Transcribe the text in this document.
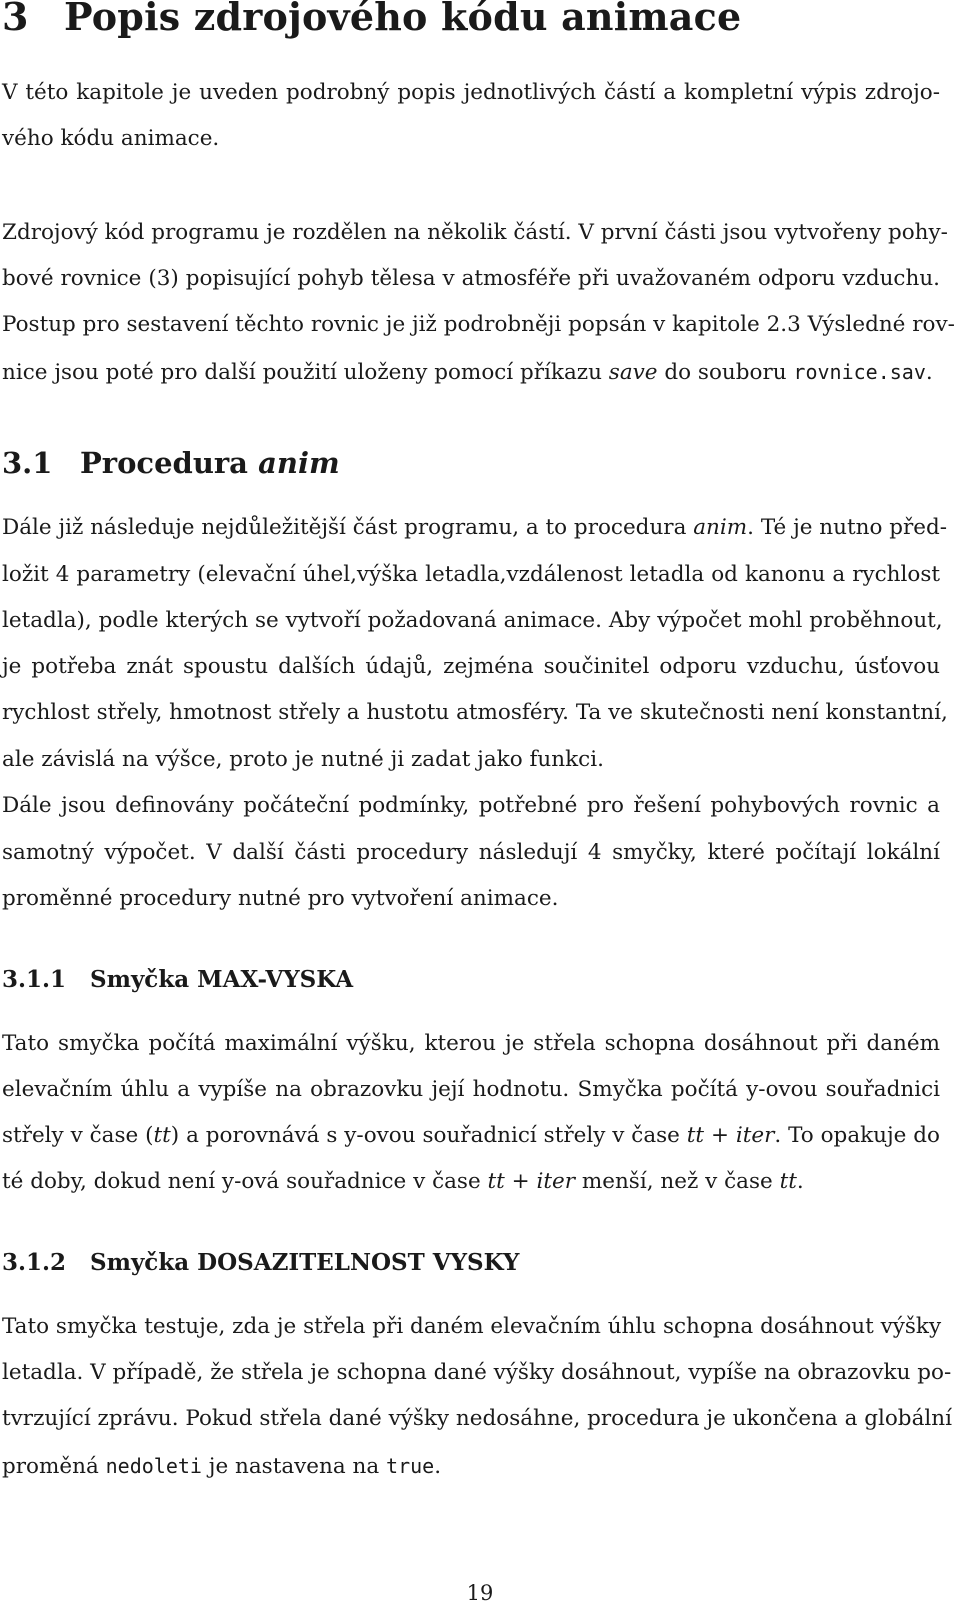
3 Popis zdrojového kódu animace
V této kapitole je uveden podrobný popis jednotlivých částí a kompletní výpis zdrojo-
vého kódu animace.
Zdrojový kód programu je rozdělen na několik částí. V první části jsou vytvořeny pohy-
bové rovnice (3) popisující pohyb tělesa v atmosféře při uvažovaném odporu vzduchu.
Postup pro sestavení těchto rovnic je již podrobněji popsán v kapitole 2.3 Výsledné rov-
nice jsou poté pro další použití uloženy pomocí příkazu save do souboru rovnice.sav.
3.1 Procedura anim
Dále již následuje nejdůležitější část programu, a to procedura anim. Té je nutno před-
ložit 4 parametry (elevační úhel,výška letadla,vzdálenost letadla od kanonu a rychlost
letadla), podle kterých se vytvoří požadovaná animace. Aby výpočet mohl proběhnout,
je potřeba znát spoustu dalších údajů, zejména součinitel odporu vzduchu, úsťovou
rychlost střely, hmotnost střely a hustotu atmosféry. Ta ve skutečnosti není konstantní,
ale závislá na výšce, proto je nutné ji zadat jako funkci.
Dále jsou definovány počáteční podmínky, potřebné pro řešení pohybových rovnic a
samotný výpočet. V další části procedury následují 4 smyčky, které počítají lokální
proměnné procedury nutné pro vytvoření animace.
3.1.1 Smyčka MAX-VYSKA
Tato smyčka počítá maximální výšku, kterou je střela schopna dosáhnout při daném
elevačním úhlu a vypíše na obrazovku její hodnotu. Smyčka počítá y-ovou souřadnici
střely v čase (tt) a porovnává s y-ovou souřadnicí střely v čase tt + iter. To opakuje do
té doby, dokud není y-ová souřadnice v čase tt + iter menší, než v čase tt.
3.1.2 Smyčka DOSAZITELNOST VYSKY
Tato smyčka testuje, zda je střela při daném elevačním úhlu schopna dosáhnout výšky
letadla. V případě, že střela je schopna dané výšky dosáhnout, vypíše na obrazovku po-
tvrzující zprávu. Pokud střela dané výšky nedosáhne, procedura je ukončena a globální
proměná nedoleti je nastavena na true.
19
